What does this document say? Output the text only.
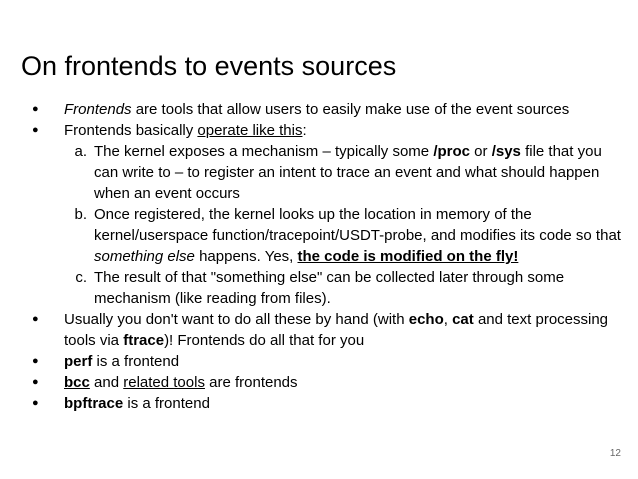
On frontends to events sources
●	Frontends are tools that allow users to easily make use of the event sources
●	Frontends basically operate like this:
a. The kernel exposes a mechanism – typically some /proc or /sys file that you can write to – to register an intent to trace an event and what should happen when an event occurs
b. Once registered, the kernel looks up the location in memory of the kernel/userspace function/tracepoint/USDT-probe, and modifies its code so that something else happens. Yes, the code is modified on the fly!
c. The result of that "something else" can be collected later through some mechanism (like reading from files).
●	Usually you don't want to do all these by hand (with echo, cat and text processing tools via ftrace)! Frontends do all that for you
●	perf is a frontend
●	bcc and related tools are frontends
●	bpftrace is a frontend
12
